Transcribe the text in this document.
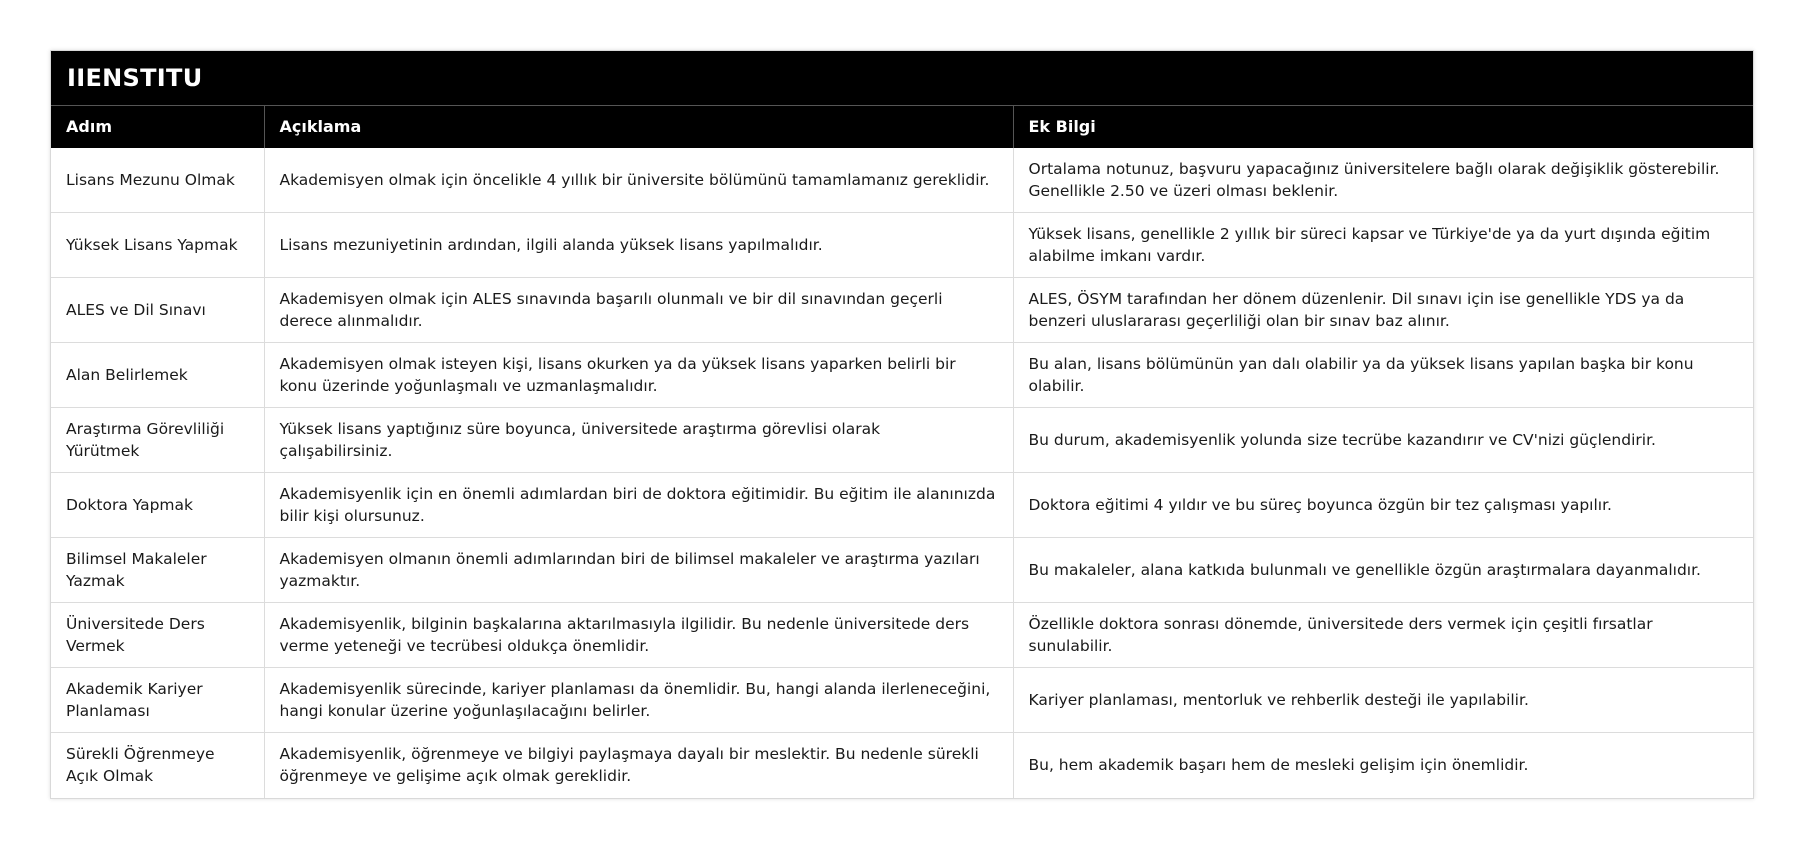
IIENSTITU
Adım	Açıklama	Ek Bilgi
Lisans Mezunu Olmak	Akademisyen olmak için öncelikle 4 yıllık bir üniversite bölümünü tamamlamanız gereklidir.	Ortalama notunuz, başvuru yapacağınız üniversitelere bağlı olarak değişiklik gösterebilir. Genellikle 2.50 ve üzeri olması beklenir.
Yüksek Lisans Yapmak	Lisans mezuniyetinin ardından, ilgili alanda yüksek lisans yapılmalıdır.	Yüksek lisans, genellikle 2 yıllık bir süreci kapsar ve Türkiye'de ya da yurt dışında eğitim alabilme imkanı vardır.
ALES ve Dil Sınavı	Akademisyen olmak için ALES sınavında başarılı olunmalı ve bir dil sınavından geçerli derece alınmalıdır.	ALES, ÖSYM tarafından her dönem düzenlenir. Dil sınavı için ise genellikle YDS ya da benzeri uluslararası geçerliliği olan bir sınav baz alınır.
Alan Belirlemek	Akademisyen olmak isteyen kişi, lisans okurken ya da yüksek lisans yaparken belirli bir konu üzerinde yoğunlaşmalı ve uzmanlaşmalıdır.	Bu alan, lisans bölümünün yan dalı olabilir ya da yüksek lisans yapılan başka bir konu olabilir.
Araştırma Görevliliği Yürütmek	Yüksek lisans yaptığınız süre boyunca, üniversitede araştırma görevlisi olarak çalışabilirsiniz.	Bu durum, akademisyenlik yolunda size tecrübe kazandırır ve CV'nizi güçlendirir.
Doktora Yapmak	Akademisyenlik için en önemli adımlardan biri de doktora eğitimidir. Bu eğitim ile alanınızda bilir kişi olursunuz.	Doktora eğitimi 4 yıldır ve bu süreç boyunca özgün bir tez çalışması yapılır.
Bilimsel Makaleler Yazmak	Akademisyen olmanın önemli adımlarından biri de bilimsel makaleler ve araştırma yazıları yazmaktır.	Bu makaleler, alana katkıda bulunmalı ve genellikle özgün araştırmalara dayanmalıdır.
Üniversitede Ders Vermek	Akademisyenlik, bilginin başkalarına aktarılmasıyla ilgilidir. Bu nedenle üniversitede ders verme yeteneği ve tecrübesi oldukça önemlidir.	Özellikle doktora sonrası dönemde, üniversitede ders vermek için çeşitli fırsatlar sunulabilir.
Akademik Kariyer Planlaması	Akademisyenlik sürecinde, kariyer planlaması da önemlidir. Bu, hangi alanda ilerleneceğini, hangi konular üzerine yoğunlaşılacağını belirler.	Kariyer planlaması, mentorluk ve rehberlik desteği ile yapılabilir.
Sürekli Öğrenmeye Açık Olmak	Akademisyenlik, öğrenmeye ve bilgiyi paylaşmaya dayalı bir meslektir. Bu nedenle sürekli öğrenmeye ve gelişime açık olmak gereklidir.	Bu, hem akademik başarı hem de mesleki gelişim için önemlidir.
